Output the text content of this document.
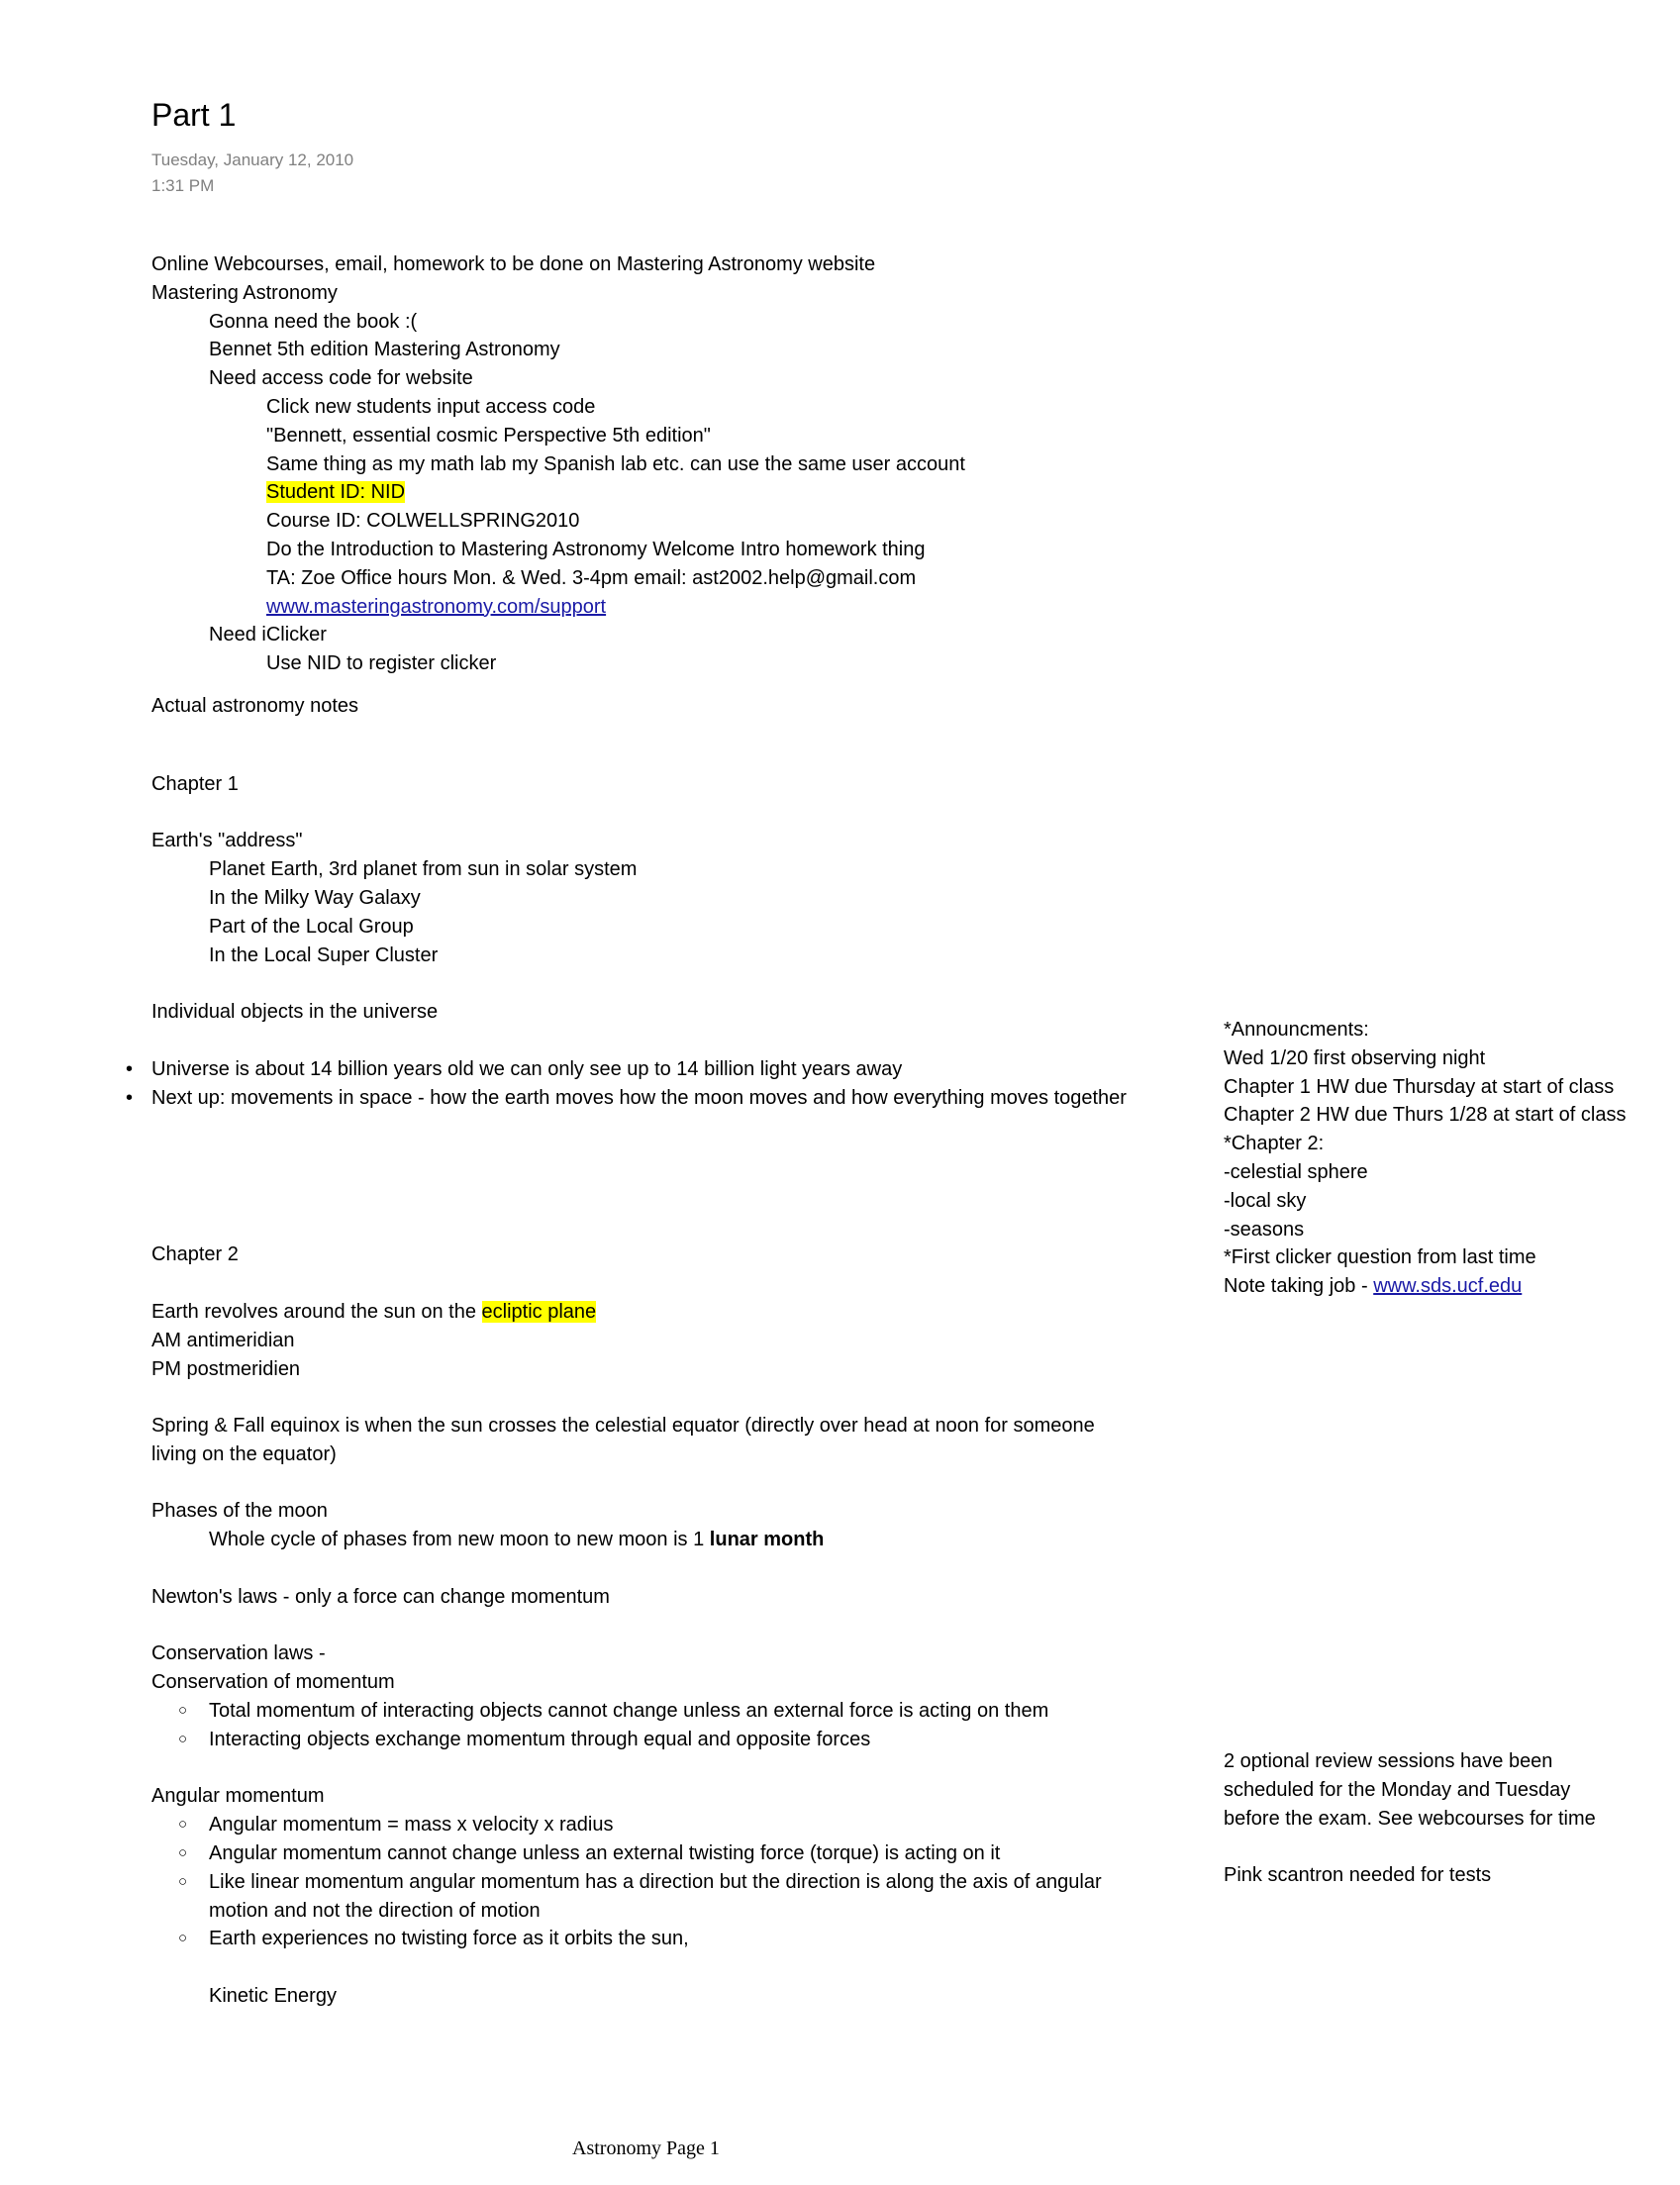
Part 1
Tuesday, January 12, 2010
1:31 PM
Online Webcourses, email, homework to be done on Mastering Astronomy website
Mastering Astronomy
Gonna need the book :(
Bennet 5th edition Mastering Astronomy
Need access code for website
Click new students input access code
"Bennett, essential cosmic Perspective 5th edition"
Same thing as my math lab my Spanish lab etc. can use the same user account
Student ID: NID
Course ID: COLWELLSPRING2010
Do the Introduction to Mastering Astronomy Welcome Intro homework thing
TA: Zoe Office hours Mon. & Wed. 3-4pm email: ast2002.help@gmail.com
www.masteringastronomy.com/support
Need iClicker
Use NID to register clicker
Actual astronomy notes
Chapter 1
Earth's "address"
Planet Earth, 3rd planet from sun in solar system
In the Milky Way Galaxy
Part of the Local Group
In the Local Super Cluster
Individual objects in the universe
• Universe is about 14 billion years old we can only see up to 14 billion light years away
• Next up: movements in space - how the earth moves how the moon moves and how everything moves together
Chapter 2
Earth revolves around the sun on the ecliptic plane
AM antimeridian
PM postmeridien
Spring & Fall equinox is when the sun crosses the celestial equator (directly over head at noon for someone living on the equator)
Phases of the moon
Whole cycle of phases from new moon to new moon is 1 lunar month
Newton's laws - only a force can change momentum
Conservation laws -
Conservation of momentum
○ Total momentum of interacting objects cannot change unless an external force is acting on them
○ Interacting objects exchange momentum through equal and opposite forces
Angular momentum
○ Angular momentum = mass x velocity x radius
○ Angular momentum cannot change unless an external twisting force (torque) is acting on it
○ Like linear momentum angular momentum has a direction but the direction is along the axis of angular motion and not the direction of motion
○ Earth experiences no twisting force as it orbits the sun,
Kinetic Energy
*Announcments:
Wed 1/20 first observing night
Chapter 1 HW due Thursday at start of class
Chapter 2 HW due Thurs 1/28 at start of class
*Chapter 2:
-celestial sphere
-local sky
-seasons
*First clicker question from last time
Note taking job - www.sds.ucf.edu
2 optional review sessions have been scheduled for the Monday and Tuesday before the exam. See webcourses for time
Pink scantron needed for tests
Astronomy Page 1
